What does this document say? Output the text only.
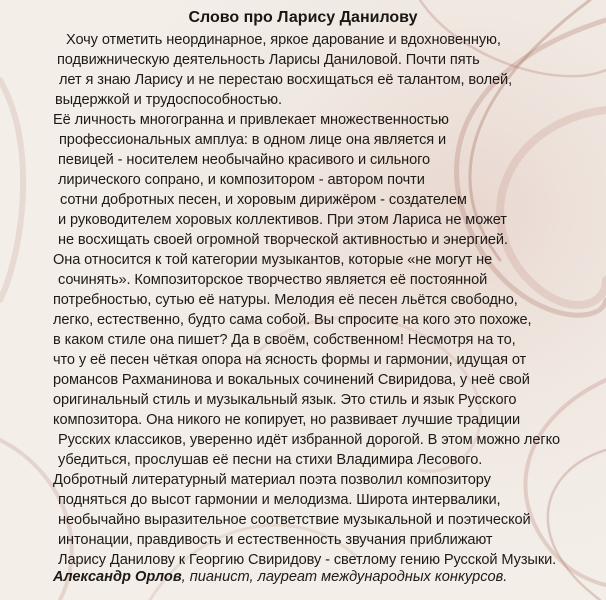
Слово про Ларису Данилову
Хочу отметить неординарное, яркое дарование и вдохновенную,
подвижническую деятельность Ларисы Даниловой. Почти пять
лет я знаю Ларису и не перестаю восхищаться её талантом, волей,
выдержкой и трудоспособностью.
Её личность многогранна и привлекает множественностью
профессиональных амплуа: в одном лице она является и
певицей - носителем необычайно красивого и сильного
лирического сопрано, и композитором - автором почти
сотни добротных песен, и хоровым дирижёром - создателем
и руководителем хоровых коллективов. При этом Лариса не может
не восхищать своей огромной творческой активностью и энергией.
Она относится к той категории музыкантов, которые «не могут не
сочинять». Композиторское творчество является её постоянной
потребностью, сутью её натуры. Мелодия её песен льётся свободно,
легко, естественно, будто сама собой. Вы спросите на кого это похоже,
в каком стиле она пишет? Да в своём, собственном! Несмотря на то,
что у её песен чёткая опора на ясность формы и гармонии, идущая от
романсов Рахманинова и вокальных сочинений Свиридова, у неё свой
оригинальный стиль и музыкальный язык. Это стиль и язык Русского
композитора. Она никого не копирует, но развивает лучшие традиции
Русских классиков, уверенно идёт избранной дорогой. В этом можно легко
убедиться, прослушав её песни на стихи Владимира Лесового.
Добротный литературный материал поэта позволил композитору
подняться до высот гармонии и мелодизма. Широта интервалики,
необычайно выразительное соответствие музыкальной и поэтической
интонации, правдивость и естественность звучания приближают
Ларису Данилову к Георгию Свиридову - светлому гению Русской Музыки.
Александр Орлов, пианист, лауреат международных конкурсов.
